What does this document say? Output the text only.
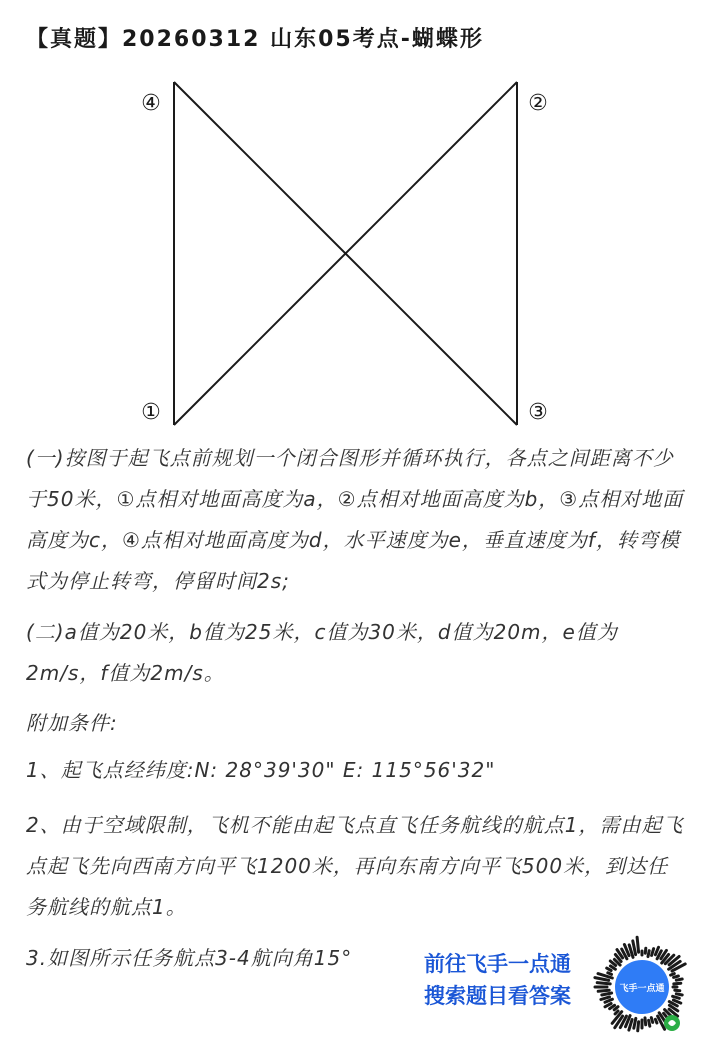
【真题】20260312 山东05考点-蝴蝶形
④	②
①	③

(一)按图于起飞点前规划一个闭合图形并循环执行，各点之间距离不少于50米，①点相对地面高度为a，②点相对地面高度为b，③点相对地面高度为c，④点相对地面高度为d，水平速度为e，垂直速度为f，转弯模式为停止转弯，停留时间2s;

(二)a值为20米，b值为25米，c值为30米，d值为20m，e值为2m/s，f值为2m/s。

附加条件:

1、起飞点经纬度:N: 28°39'30" E: 115°56'32"

2、由于空域限制，飞机不能由起飞点直飞任务航线的航点1，需由起飞点起飞先向西南方向平飞1200米，再向东南方向平飞500米，到达任务航线的航点1。

3.如图所示任务航点3-4航向角15°	前往飞手一点通
搜索题目看答案	飞手一点通
